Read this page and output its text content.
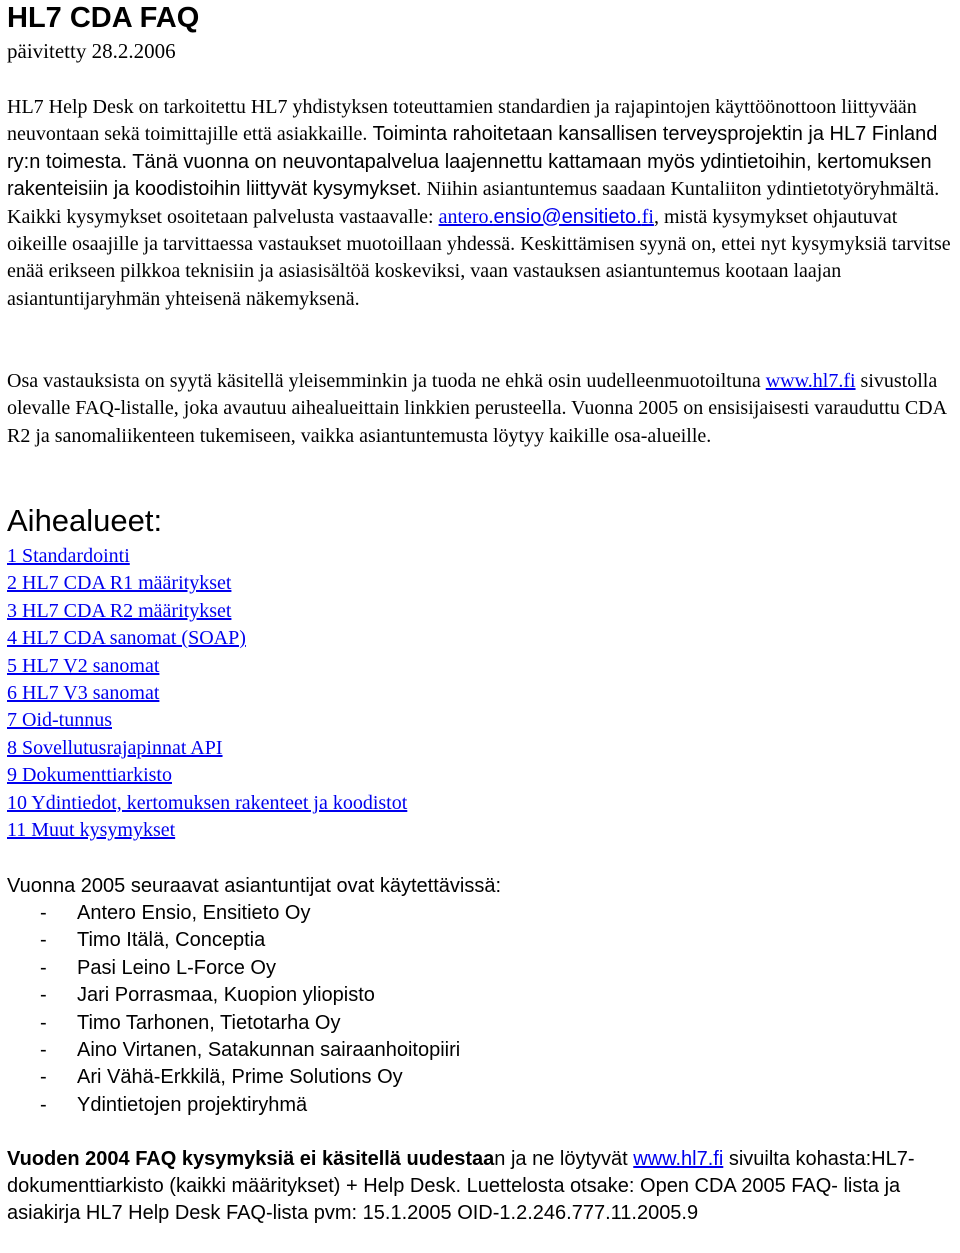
HL7 CDA FAQ
päivitetty 28.2.2006

HL7 Help Desk on tarkoitettu HL7 yhdistyksen toteuttamien standardien ja rajapintojen käyttöönottoon liittyvään neuvontaan sekä toimittajille että asiakkaille. Toiminta rahoitetaan kansallisen terveysprojektin ja HL7 Finland ry:n toimesta. Tänä vuonna on neuvontapalvelua laajennettu kattamaan myös ydintietoihin, kertomuksen rakenteisiin ja koodistoihin liittyvät kysymykset. Niihin asiantuntemus saadaan Kuntaliiton ydintietotyöryhmältä. Kaikki kysymykset osoitetaan palvelusta vastaavalle: antero.ensio@ensitieto.fi, mistä kysymykset ohjautuvat oikeille osaajille ja tarvittaessa vastaukset muotoillaan yhdessä. Keskittämisen syynä on, ettei nyt kysymyksiä tarvitse enää erikseen pilkkoa teknisiin ja asiasisältöä koskeviksi, vaan vastauksen asiantuntemus kootaan laajan asiantuntijaryhmän yhteisenä näkemyksenä.

Osa vastauksista on syytä käsitellä yleisemminkin ja tuoda ne ehkä osin uudelleenmuotoiltuna www.hl7.fi sivustolla olevalle FAQ-listalle, joka avautuu aihealueittain linkkien perusteella. Vuonna 2005 on ensisijaisesti varauduttu CDA R2 ja sanomaliikenteen tukemiseen, vaikka asiantuntemusta löytyy kaikille osa-alueille.

Aihealueet:
1 Standardointi
2 HL7 CDA R1 määritykset
3 HL7 CDA R2 määritykset
4 HL7 CDA sanomat (SOAP)
5 HL7 V2 sanomat
6 HL7 V3 sanomat
7 Oid-tunnus
8 Sovellutusrajapinnat API
9 Dokumenttiarkisto
10 Ydintiedot, kertomuksen rakenteet ja koodistot
11 Muut kysymykset
Vuonna 2005 seuraavat asiantuntijat ovat käytettävissä:
- Antero Ensio, Ensitieto Oy
- Timo Itälä, Conceptia
- Pasi Leino L-Force Oy
- Jari Porrasmaa, Kuopion yliopisto
- Timo Tarhonen, Tietotarha Oy
- Aino Virtanen, Satakunnan sairaanhoitopiiri
- Ari Vähä-Erkkilä, Prime Solutions Oy
- Ydintietojen projektiryhmä

Vuoden 2004 FAQ kysymyksiä ei käsitellä uudestaan ja ne löytyvät www.hl7.fi sivuilta kohasta:HL7-dokumenttiarkisto (kaikki määritykset) + Help Desk. Luettelosta otsake: Open CDA 2005 FAQ- lista ja asiakirja HL7 Help Desk FAQ-lista pvm: 15.1.2005 OID-1.2.246.777.11.2005.9
